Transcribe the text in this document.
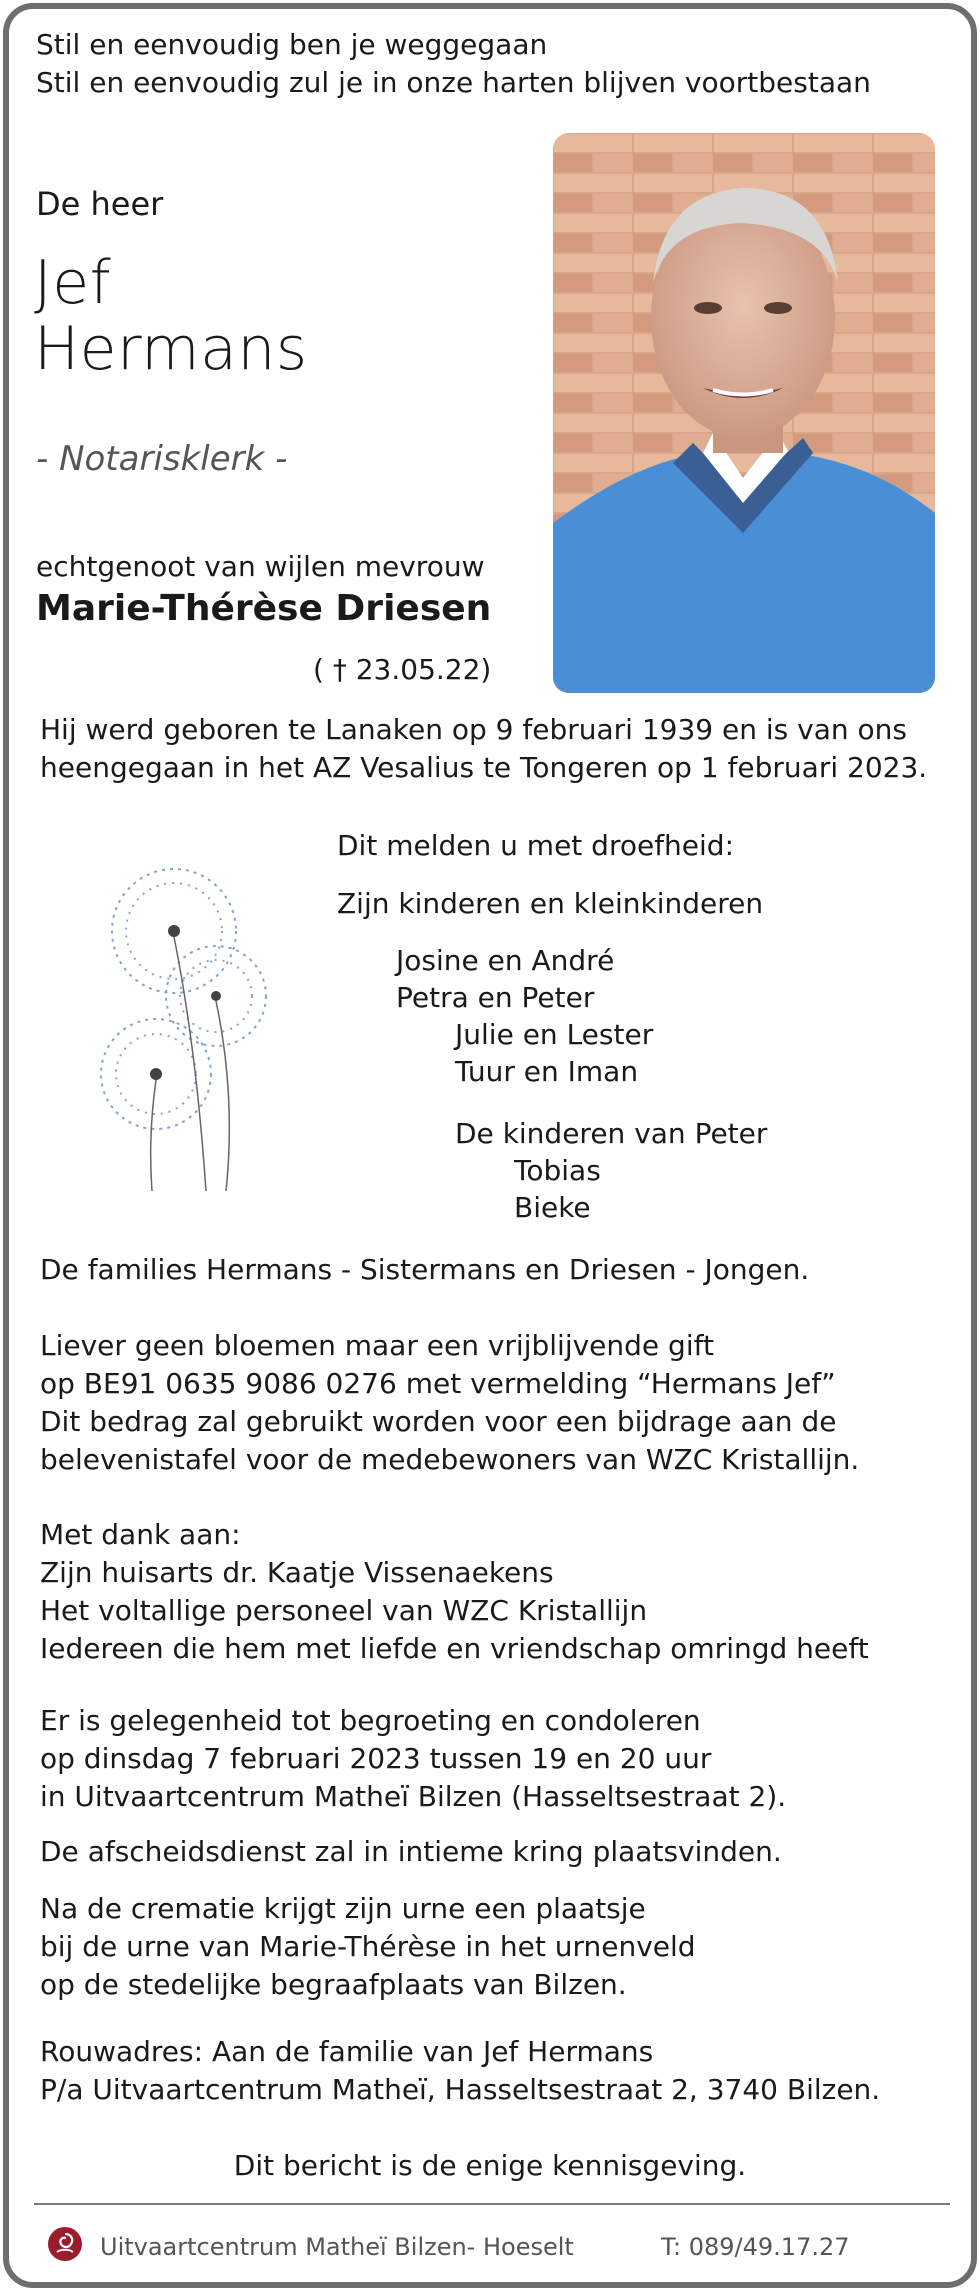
Stil en eenvoudig ben je weggegaan
Stil en eenvoudig zul je in onze harten blijven voortbestaan
De heer
Jef
Hermans
- Notarisklerk -
echtgenoot van wijlen mevrouw
Marie-Thérèse Driesen
( † 23.05.22)
Hij werd geboren te Lanaken op 9 februari 1939 en is van ons
heengegaan in het AZ Vesalius te Tongeren op 1 februari 2023.
Dit melden u met droefheid:
Zijn kinderen en kleinkinderen
Josine en André
Petra en Peter
Julie en Lester
Tuur en Iman
De kinderen van Peter
Tobias
Bieke
De families Hermans - Sistermans en Driesen - Jongen.
Liever geen bloemen maar een vrijblijvende gift
op BE91 0635 9086 0276 met vermelding “Hermans Jef”
Dit bedrag zal gebruikt worden voor een bijdrage aan de
belevenistafel voor de medebewoners van WZC Kristallijn.
Met dank aan:
Zijn huisarts dr. Kaatje Vissenaekens
Het voltallige personeel van WZC Kristallijn
Iedereen die hem met liefde en vriendschap omringd heeft
Er is gelegenheid tot begroeting en condoleren
op dinsdag 7 februari 2023 tussen 19 en 20 uur
in Uitvaartcentrum Matheï Bilzen (Hasseltsestraat 2).
De afscheidsdienst zal in intieme kring plaatsvinden.
Na de crematie krijgt zijn urne een plaatsje
bij de urne van Marie-Thérèse in het urnenveld
op de stedelijke begraafplaats van Bilzen.
Rouwadres: Aan de familie van Jef Hermans
P/a Uitvaartcentrum Matheï, Hasseltsestraat 2, 3740 Bilzen.
Dit bericht is de enige kennisgeving.
Uitvaartcentrum Matheï Bilzen- Hoeselt	T: 089/49.17.27
